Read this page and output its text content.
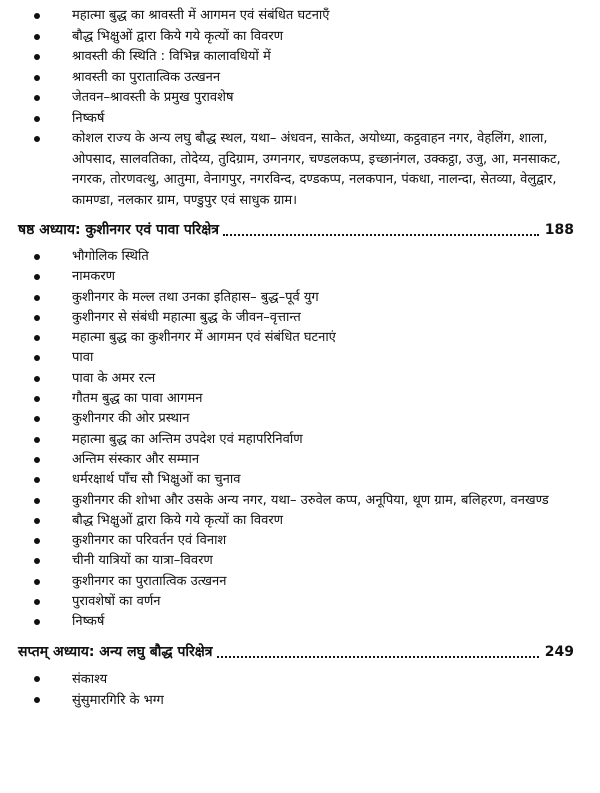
महात्मा बुद्ध का श्रावस्ती में आगमन एवं संबंधित घटनाएँ
बौद्ध भिक्षुओं द्वारा किये गये कृत्यों का विवरण
श्रावस्ती की स्थिति : विभिन्न कालावधियों में
श्रावस्ती का पुरातात्विक उत्खनन
जेतवन–श्रावस्ती के प्रमुख पुरावशेष
निष्कर्ष
कोशल राज्य के अन्य लघु बौद्ध स्थल, यथा– अंधवन, साकेत, अयोध्या, कट्ठवाहन नगर, वेहलिंग, शाला, ओपसाद, सालवतिका, तोदेय्य, तुदिग्राम, उग्गनगर, चण्डलकप्प, इच्छानंगल, उक्कट्ठा, उजु, आ, मनसाकट, नगरक, तोरणवत्थु, आतुमा, वेनागपुर, नगरविन्द, दण्डकप्प, नलकपान, पंकधा, नालन्दा, सेतव्या, वेलुद्वार, कामण्डा, नलकार ग्राम, पण्डुपुर एवं साधुक ग्राम।
षष्ठ अध्याय: कुशीनगर एवं पावा परिक्षेत्र	188
भौगोलिक स्थिति
नामकरण
कुशीनगर के मल्ल तथा उनका इतिहास– बुद्ध–पूर्व युग
कुशीनगर से संबंधी महात्मा बुद्ध के जीवन–वृत्तान्त
महात्मा बुद्ध का कुशीनगर में आगमन एवं संबंधित घटनाएं
पावा
पावा के अमर रत्न
गौतम बुद्ध का पावा आगमन
कुशीनगर की ओर प्रस्थान
महात्मा बुद्ध का अन्तिम उपदेश एवं महापरिनिर्वाण
अन्तिम संस्कार और सम्मान
धर्मरक्षार्थ पाँच सौ भिक्षुओं का चुनाव
कुशीनगर की शोभा और उसके अन्य नगर, यथा– उरुवेल कप्प, अनूपिया, थूण ग्राम, बलिहरण, वनखण्ड
बौद्ध भिक्षुओं द्वारा किये गये कृत्यों का विवरण
कुशीनगर का परिवर्तन एवं विनाश
चीनी यात्रियों का यात्रा–विवरण
कुशीनगर का पुरातात्विक उत्खनन
पुरावशेषों का वर्णन
निष्कर्ष
सप्तम् अध्याय: अन्य लघु बौद्ध परिक्षेत्र	249
संकाश्य
सुंसुमारगिरि के भग्ग
